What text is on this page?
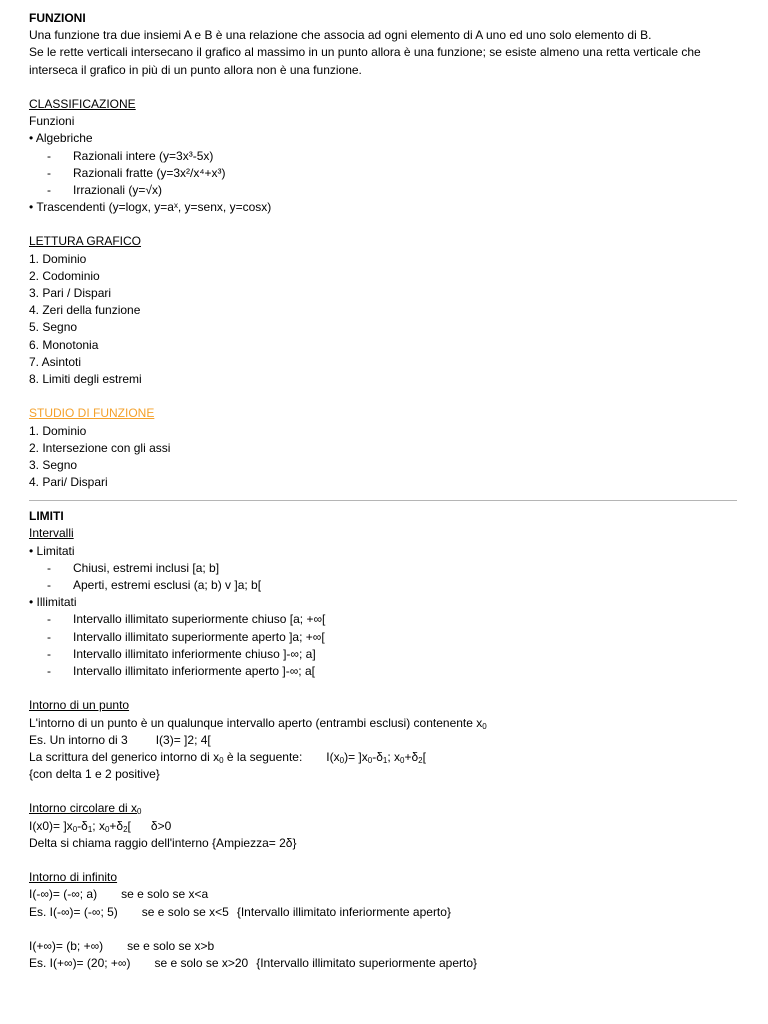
FUNZIONI
Una funzione tra due insiemi A e B è una relazione che associa ad ogni elemento di A uno ed uno solo elemento di B.
Se le rette verticali intersecano il grafico al massimo in un punto allora è una funzione; se esiste almeno una retta verticale che interseca il grafico in più di un punto allora non è una funzione.
CLASSIFICAZIONE
Funzioni
• Algebriche
- Razionali intere (y=3x³-5x)
- Razionali fratte (y=3x²/x⁴+x³)
- Irrazionali (y=√x)
• Trascendenti (y=logx, y=aˣ, y=senx, y=cosx)
LETTURA GRAFICO
1. Dominio
2. Codominio
3. Pari / Dispari
4. Zeri della funzione
5. Segno
6. Monotonia
7. Asintoti
8. Limiti degli estremi
STUDIO DI FUNZIONE
1. Dominio
2. Intersezione con gli assi
3. Segno
4. Pari/ Dispari
LIMITI
Intervalli
• Limitati
- Chiusi, estremi inclusi [a; b]
- Aperti, estremi esclusi (a; b) v ]a; b[
• Illimitati
- Intervallo illimitato superiormente chiuso [a; +∞[
- Intervallo illimitato superiormente aperto ]a; +∞[
- Intervallo illimitato inferiormente chiuso ]-∞; a]
- Intervallo illimitato inferiormente aperto ]-∞; a[
Intorno di un punto
L'intorno di un punto è un qualunque intervallo aperto (entrambi esclusi) contenente $x_0$
Es. Un intorno di 3 I(3)= ]2; 4[
La scrittura del generico intorno di $x_0$ è la seguente: $I(x_0)= ]x_0-\delta_1$; $x_0+\delta_2$[
{con delta 1 e 2 positive}
Intorno circolare di $x_0$
$I(x0)= ]x_0-\delta_1$; $x_0+\delta_2$[ δ>0
Delta si chiama raggio dell'interno {Ampiezza= 2δ}
Intorno di infinito
I(-∞)= (-∞; a) se e solo se x<a
Es. I(-∞)= (-∞; 5) se e solo se x<5 {Intervallo illimitato inferiormente aperto}
I(+∞)= (b; +∞) se e solo se x>b
Es. I(+∞)= (20; +∞) se e solo se x>20 {Intervallo illimitato superiormente aperto}
